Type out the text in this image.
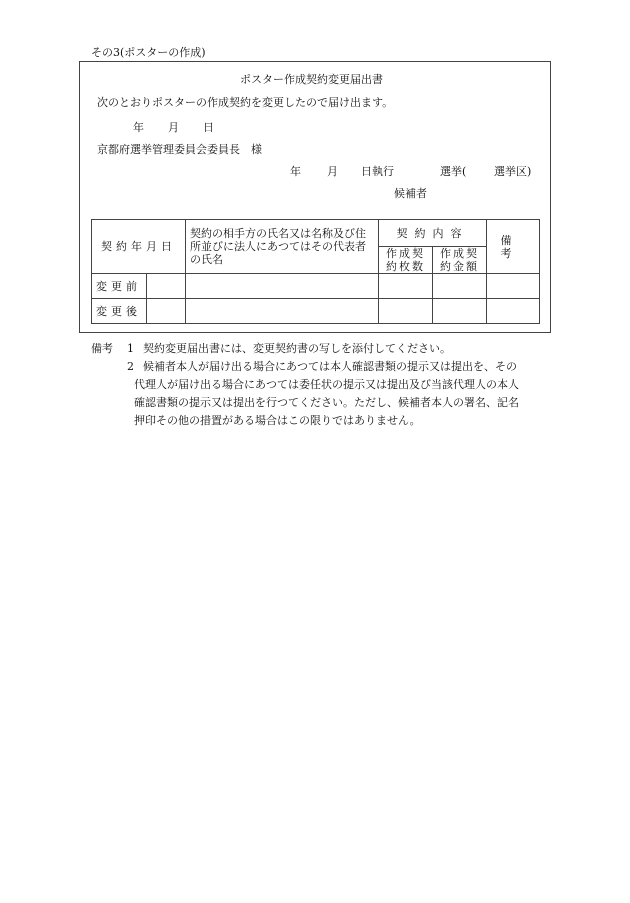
その3(ポスターの作成)
ポスター作成契約変更届出書
次のとおりポスターの作成契約を変更したので届け出ます。
年 月 日
京都府選挙管理委員会委員長　様
年 月 日執行	選挙(	選挙区)
候補者
契約年月日		契約の相手方の氏名又は名称及び住所並びに法人にあつてはその代表者の氏名	契約内容		備考
			作成契約枚数	作成契約金額	
変更前					
変更後					
備考 1 契約変更届出書には、変更契約書の写しを添付してください。
2 候補者本人が届け出る場合にあつては本人確認書類の提示又は提出を、その
代理人が届け出る場合にあつては委任状の提示又は提出及び当該代理人の本人
確認書類の提示又は提出を行つてください。ただし、候補者本人の署名、記名
押印その他の措置がある場合はこの限りではありません。
